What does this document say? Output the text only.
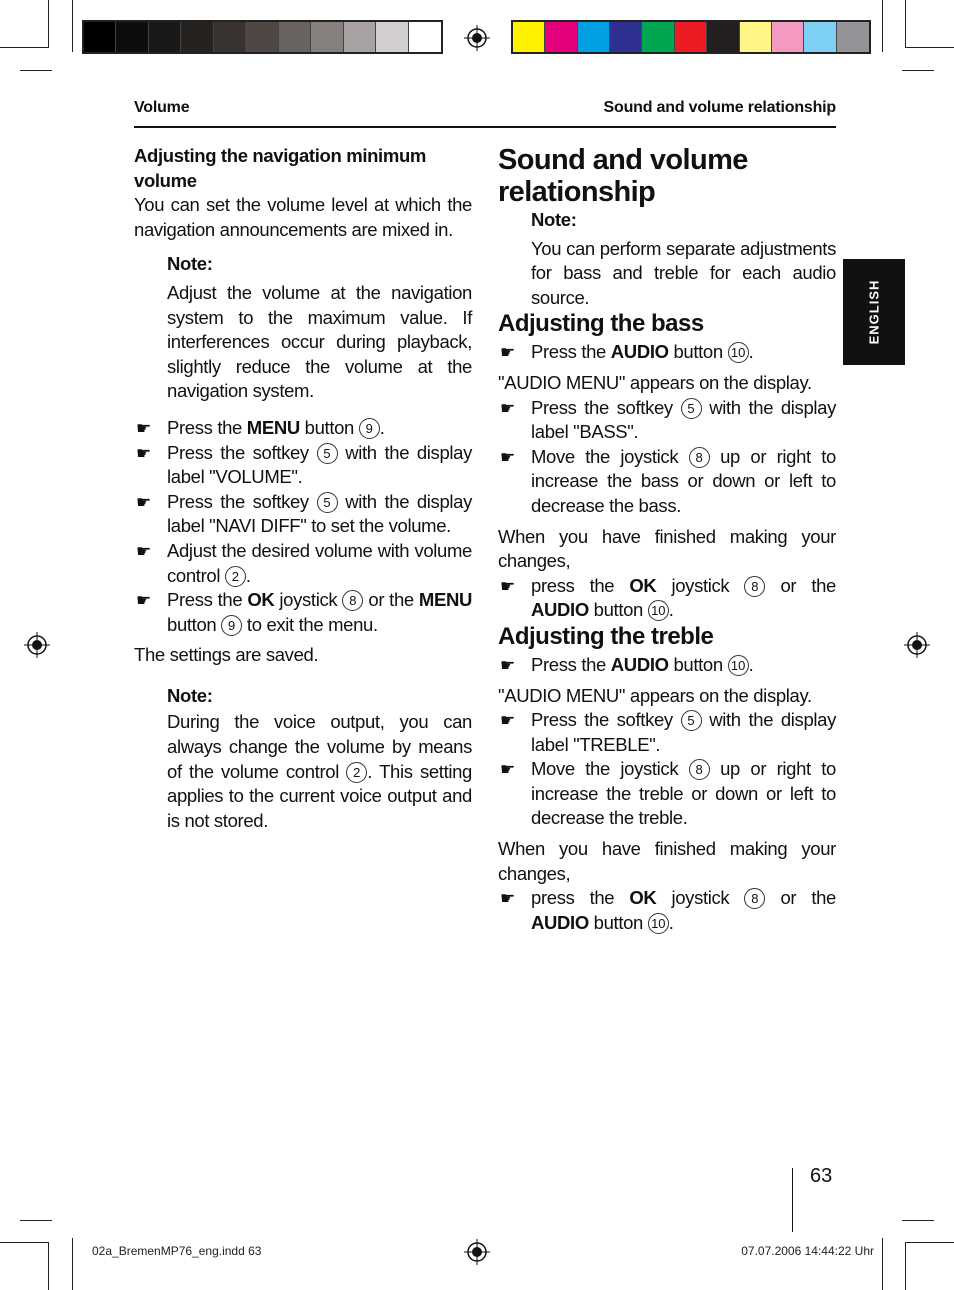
Volume	Sound and volume relationship
ENGLISH

Adjusting the navigation minimum volume

You can set the volume level at which the navigation announcements are mixed in.

Note:

Adjust the volume at the navigation system to the maximum value. If interferences occur during playback, slightly reduce the volume at the navigation system.

☛ Press the MENU button 9 .

☛ Press the softkey 5 with the display label "VOLUME".

☛ Press the softkey 5 with the display label "NAVI DIFF" to set the volume.

☛ Adjust the desired volume with volume control 2 .

☛ Press the OK joystick 8 or the MENU button 9 to exit the menu.

The settings are saved.

Note:

During the voice output, you can always change the volume by means of the volume control 2 . This setting applies to the current voice output and is not stored.

Sound and volume relationship

Note:

You can perform separate adjustments for bass and treble for each audio source.

Adjusting the bass

☛ Press the AUDIO button 10 .

"AUDIO MENU" appears on the display.

☛ Press the softkey 5 with the display label "BASS".

☛ Move the joystick 8 up or right to increase the bass or down or left to decrease the bass.

When you have finished making your changes,

☛ press the OK joystick 8 or the AUDIO button 10 .

Adjusting the treble

☛ Press the AUDIO button 10 .

"AUDIO MENU" appears on the display.

☛ Press the softkey 5 with the display label "TREBLE".

☛ Move the joystick 8 up or right to increase the treble or down or left to decrease the treble.

When you have finished making your changes,

☛ press the OK joystick 8 or the AUDIO button 10 .

63
02a_BremenMP76_eng.indd 63	07.07.2006 14:44:22 Uhr
